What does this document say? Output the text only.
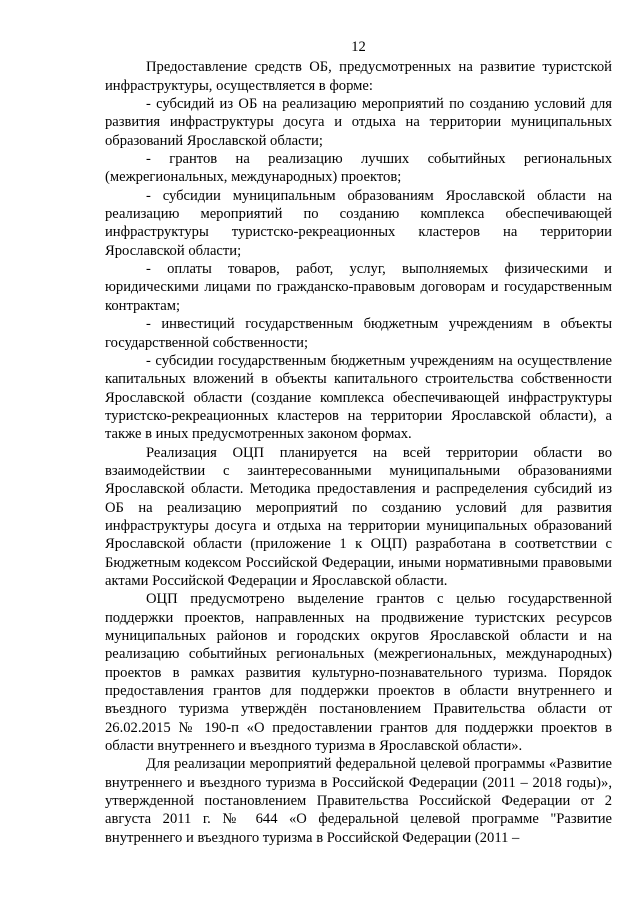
12

Предоставление средств ОБ, предусмотренных на развитие туристской инфраструктуры, осуществляется в форме:

- субсидий из ОБ на реализацию мероприятий по созданию условий для развития инфраструктуры досуга и отдыха на территории муниципальных образований Ярославской области;

- грантов на реализацию лучших событийных региональных (межрегиональных, международных) проектов;

- субсидии муниципальным образованиям Ярославской области на реализацию мероприятий по созданию комплекса обеспечивающей инфраструктуры туристско-рекреационных кластеров на территории Ярославской области;

- оплаты товаров, работ, услуг, выполняемых физическими и юридическими лицами по гражданско-правовым договорам и государственным контрактам;

- инвестиций государственным бюджетным учреждениям в объекты государственной собственности;

- субсидии государственным бюджетным учреждениям на осуществление капитальных вложений в объекты капитального строительства собственности Ярославской области (создание комплекса обеспечивающей инфраструктуры туристско-рекреационных кластеров на территории Ярославской области), а также в иных предусмотренных законом формах.

Реализация ОЦП планируется на всей территории области во взаимодействии с заинтересованными муниципальными образованиями Ярославской области. Методика предоставления и распределения субсидий из ОБ на реализацию мероприятий по созданию условий для развития инфраструктуры досуга и отдыха на территории муниципальных образований Ярославской области (приложение 1 к ОЦП) разработана в соответствии с Бюджетным кодексом Российской Федерации, иными нормативными правовыми актами Российской Федерации и Ярославской области.

ОЦП предусмотрено выделение грантов с целью государственной поддержки проектов, направленных на продвижение туристских ресурсов муниципальных районов и городских округов Ярославской области и на реализацию событийных региональных (межрегиональных, международных) проектов в рамках развития культурно-познавательного туризма. Порядок предоставления грантов для поддержки проектов в области внутреннего и въездного туризма утверждён постановлением Правительства области от 26.02.2015 № 190-п «О предоставлении грантов для поддержки проектов в области внутреннего и въездного туризма в Ярославской области».

Для реализации мероприятий федеральной целевой программы «Развитие внутреннего и въездного туризма в Российской Федерации (2011 – 2018 годы)», утвержденной постановлением Правительства Российской Федерации от 2 августа 2011 г. № 644 «О федеральной целевой программе "Развитие внутреннего и въездного туризма в Российской Федерации (2011 –
